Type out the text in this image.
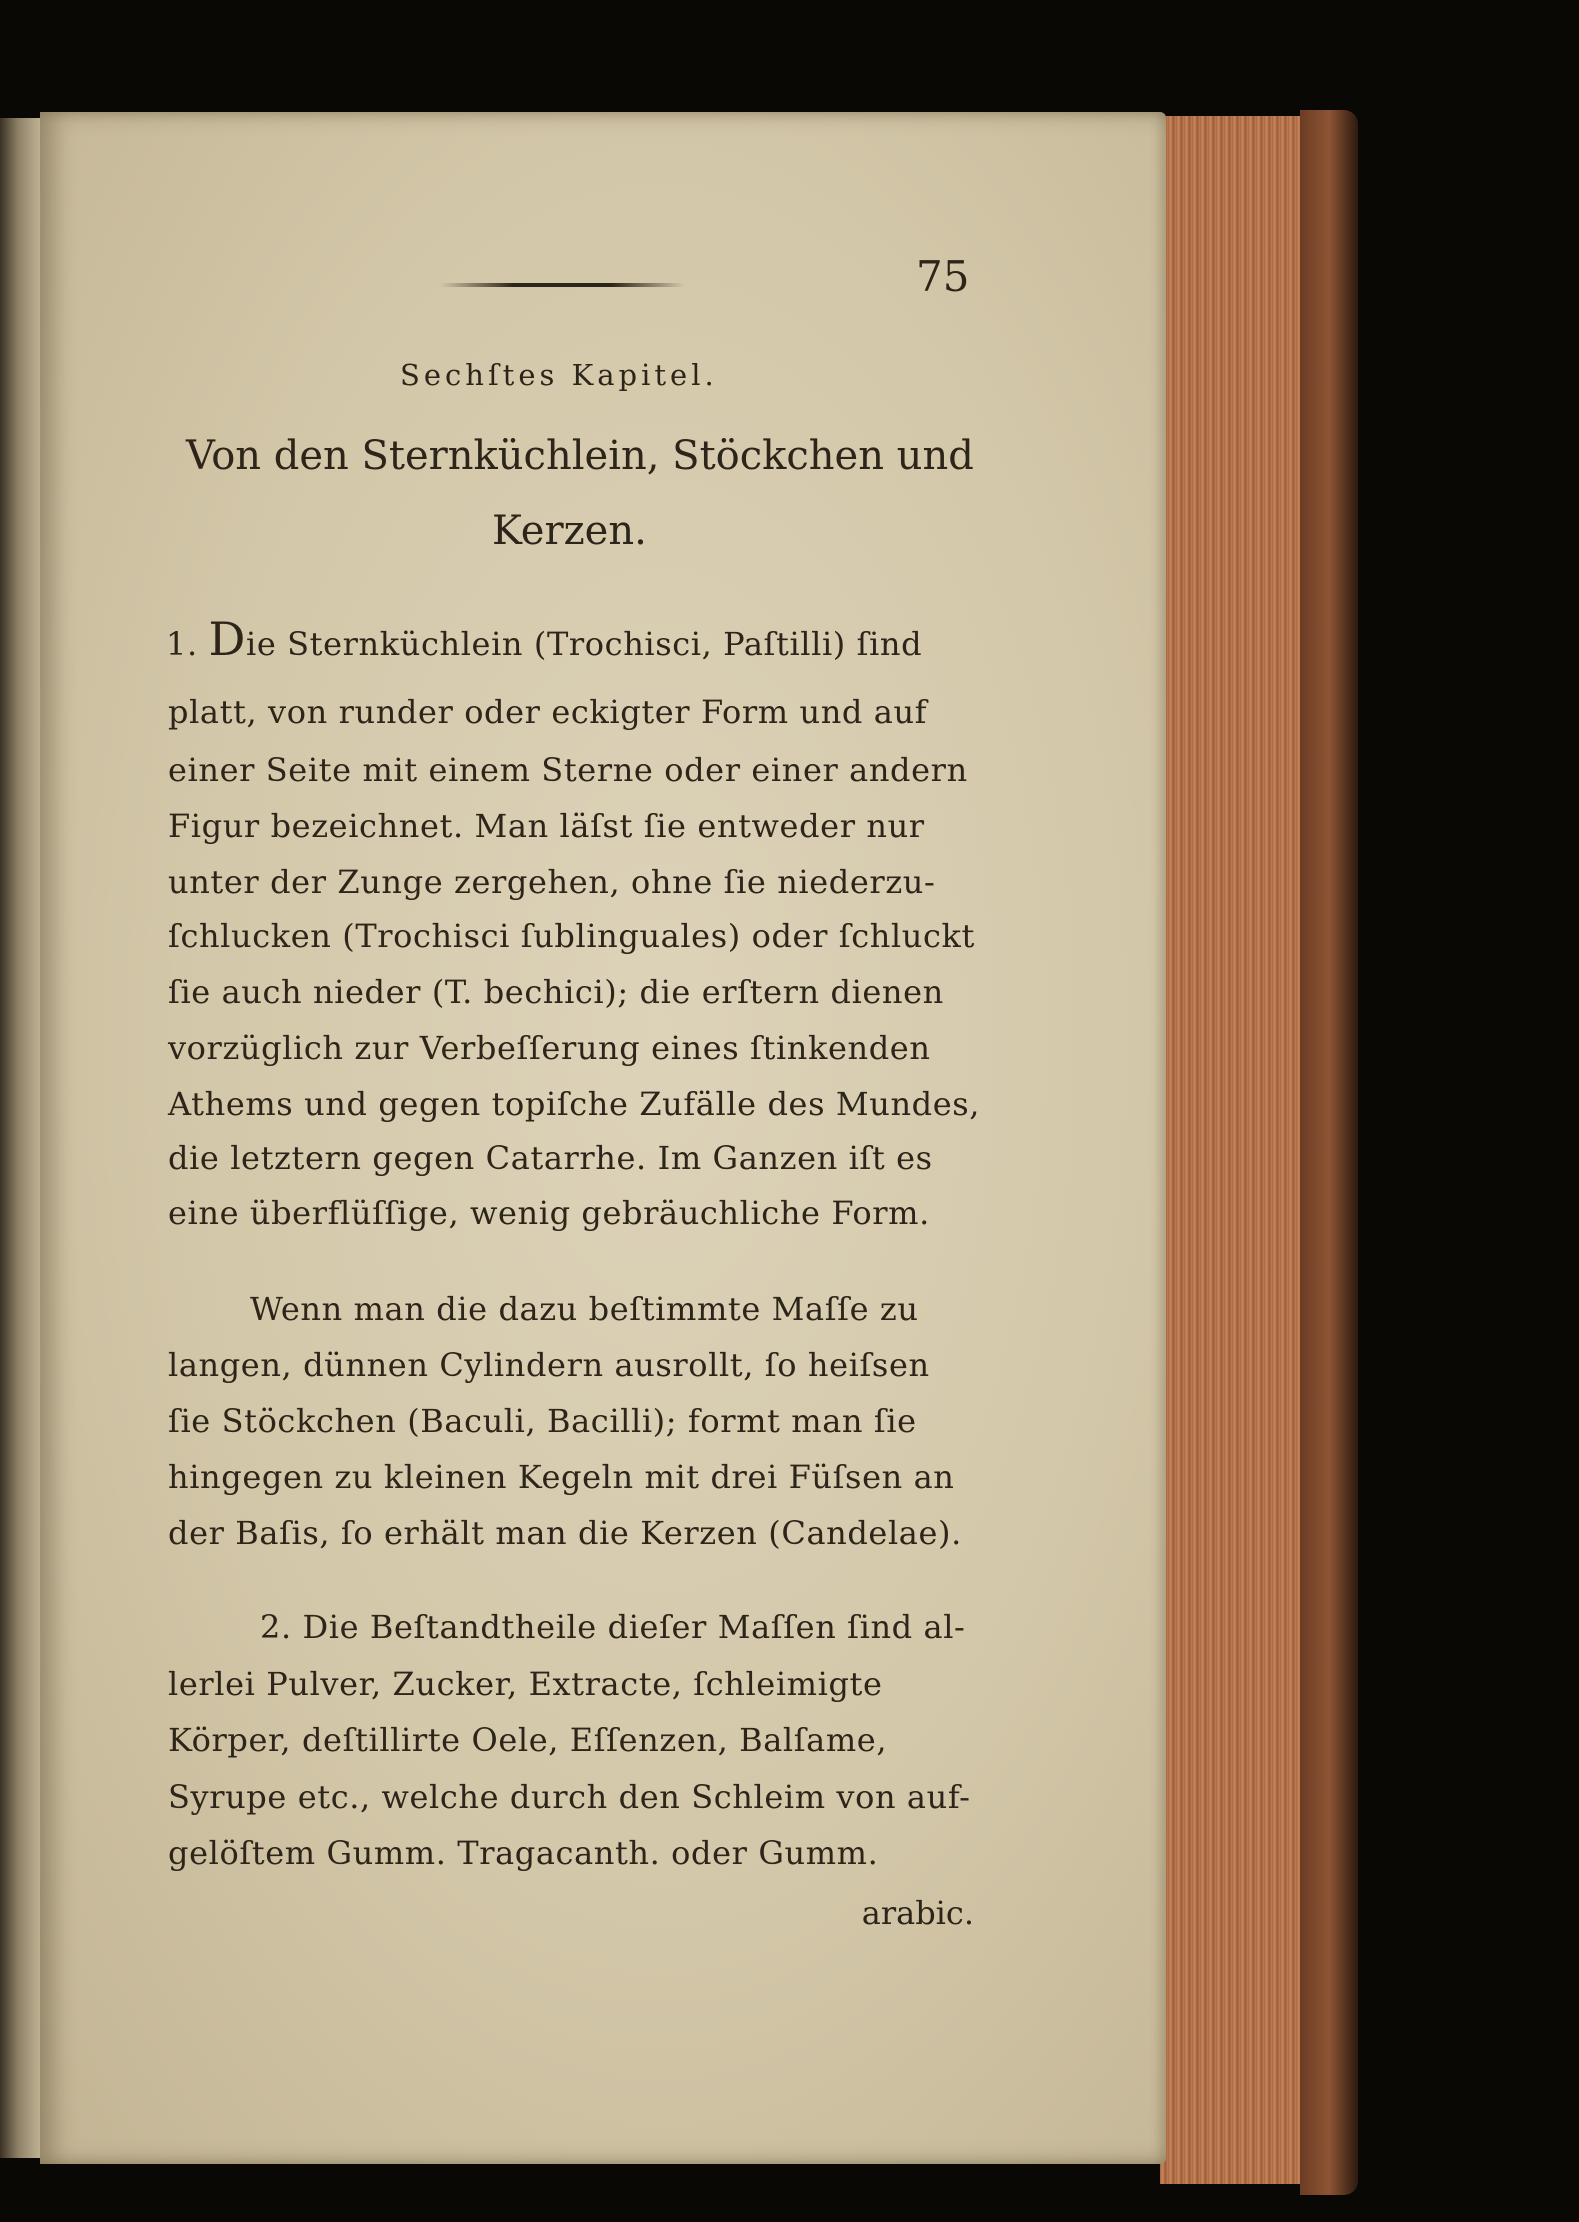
75
Sechſtes Kapitel.
Von den Sternküchlein, Stöckchen und
Kerzen.
1. Die Sternküchlein (Trochisci, Paſtilli) ſind
platt, von runder oder eckigter Form und auf
einer Seite mit einem Sterne oder einer andern
Figur bezeichnet. Man läſst ſie entweder nur
unter der Zunge zergehen, ohne ſie niederzu-
ſchlucken (Trochisci ſublinguales) oder ſchluckt
ſie auch nieder (T. bechici); die erſtern dienen
vorzüglich zur Verbeſſerung eines ſtinkenden
Athems und gegen topiſche Zufälle des Mundes,
die letztern gegen Catarrhe. Im Ganzen iſt es
eine überflüſſige, wenig gebräuchliche Form.
Wenn man die dazu beſtimmte Maſſe zu
langen, dünnen Cylindern ausrollt, ſo heiſsen
ſie Stöckchen (Baculi, Bacilli); formt man ſie
hingegen zu kleinen Kegeln mit drei Füſsen an
der Baſis, ſo erhält man die Kerzen (Candelae).
2. Die Beſtandtheile dieſer Maſſen ſind al-
lerlei Pulver, Zucker, Extracte, ſchleimigte
Körper, deſtillirte Oele, Eſſenzen, Balſame,
Syrupe etc., welche durch den Schleim von auf-
gelöſtem Gumm. Tragacanth. oder Gumm.
arabic.
